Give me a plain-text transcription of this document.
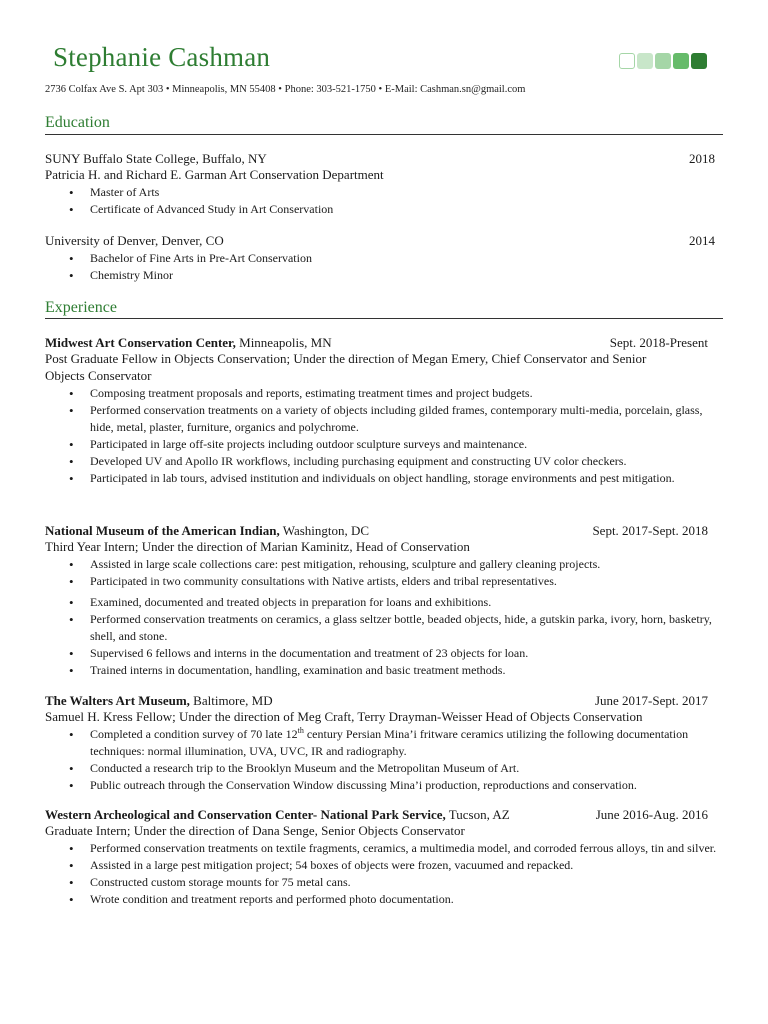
Stephanie Cashman
2736 Colfax Ave S. Apt 303 • Minneapolis, MN 55408 • Phone: 303-521-1750 • E-Mail: Cashman.sn@gmail.com
Education
SUNY Buffalo State College, Buffalo, NY	2018
Patricia H. and Richard E. Garman Art Conservation Department
• Master of Arts
• Certificate of Advanced Study in Art Conservation
University of Denver, Denver, CO	2014
• Bachelor of Fine Arts in Pre-Art Conservation
• Chemistry Minor
Experience
Midwest Art Conservation Center, Minneapolis, MN	Sept. 2018-Present
Post Graduate Fellow in Objects Conservation; Under the direction of Megan Emery, Chief Conservator and Senior Objects Conservator
• Composing treatment proposals and reports, estimating treatment times and project budgets.
• Performed conservation treatments on a variety of objects including gilded frames, contemporary multi-media, porcelain, glass, hide, metal, plaster, furniture, organics and polychrome.
• Participated in large off-site projects including outdoor sculpture surveys and maintenance.
• Developed UV and Apollo IR workflows, including purchasing equipment and constructing UV color checkers.
• Participated in lab tours, advised institution and individuals on object handling, storage environments and pest mitigation.
National Museum of the American Indian, Washington, DC	Sept. 2017-Sept. 2018
Third Year Intern; Under the direction of Marian Kaminitz, Head of Conservation
• Assisted in large scale collections care: pest mitigation, rehousing, sculpture and gallery cleaning projects.
• Participated in two community consultations with Native artists, elders and tribal representatives.
• Examined, documented and treated objects in preparation for loans and exhibitions.
• Performed conservation treatments on ceramics, a glass seltzer bottle, beaded objects, hide, a gutskin parka, ivory, horn, basketry, shell, and stone.
• Supervised 6 fellows and interns in the documentation and treatment of 23 objects for loan.
• Trained interns in documentation, handling, examination and basic treatment methods.
The Walters Art Museum, Baltimore, MD	June 2017-Sept. 2017
Samuel H. Kress Fellow; Under the direction of Meg Craft, Terry Drayman-Weisser Head of Objects Conservation
• Completed a condition survey of 70 late 12th century Persian Mina’i fritware ceramics utilizing the following documentation techniques: normal illumination, UVA, UVC, IR and radiography.
• Conducted a research trip to the Brooklyn Museum and the Metropolitan Museum of Art.
• Public outreach through the Conservation Window discussing Mina’i production, reproductions and conservation.
Western Archeological and Conservation Center- National Park Service, Tucson, AZ	June 2016-Aug. 2016
Graduate Intern; Under the direction of Dana Senge, Senior Objects Conservator
• Performed conservation treatments on textile fragments, ceramics, a multimedia model, and corroded ferrous alloys, tin and silver.
• Assisted in a large pest mitigation project; 54 boxes of objects were frozen, vacuumed and repacked.
• Constructed custom storage mounts for 75 metal cans.
• Wrote condition and treatment reports and performed photo documentation.
